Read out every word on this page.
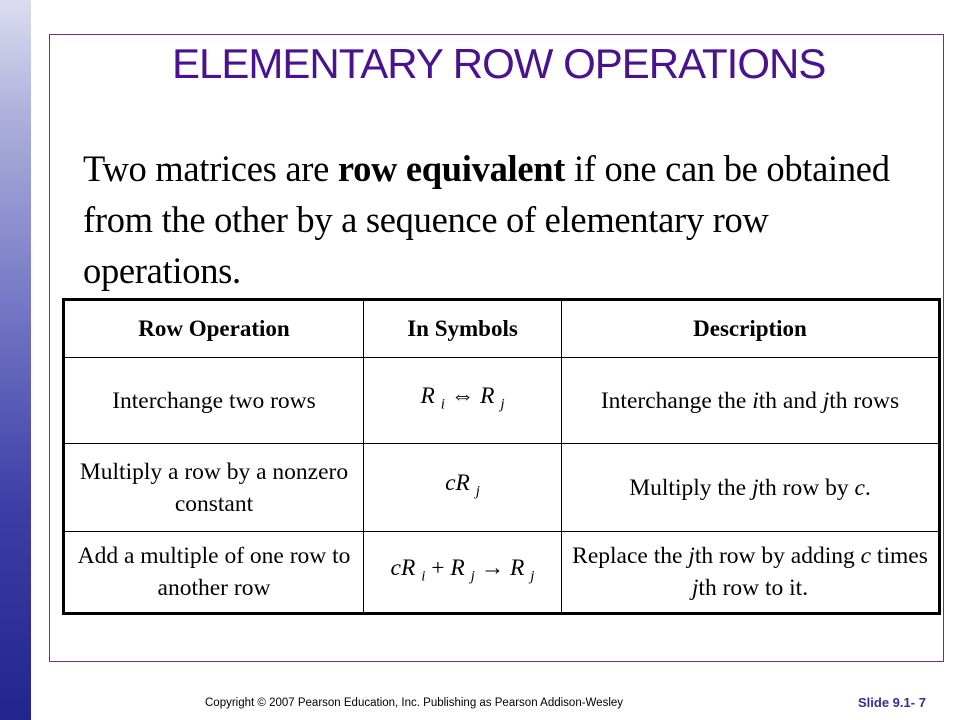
ELEMENTARY ROW OPERATIONS

Two matrices are row equivalent if one can be obtained from the other by a sequence of elementary row operations.

Row Operation	In Symbols	Description
Interchange two rows	R $_i$ ⇔ R $_j$	Interchange the ith and jth rows
Multiply a row by a nonzero constant	cR $_j$	Multiply the jth row by c.
Add a multiple of one row to another row	cR $_i$ + R $_j$ → R $_j$	Replace the jth row by adding c times jth row to it.
Copyright © 2007 Pearson Education, Inc. Publishing as Pearson Addison-Wesley	Slide 9.1- 7
